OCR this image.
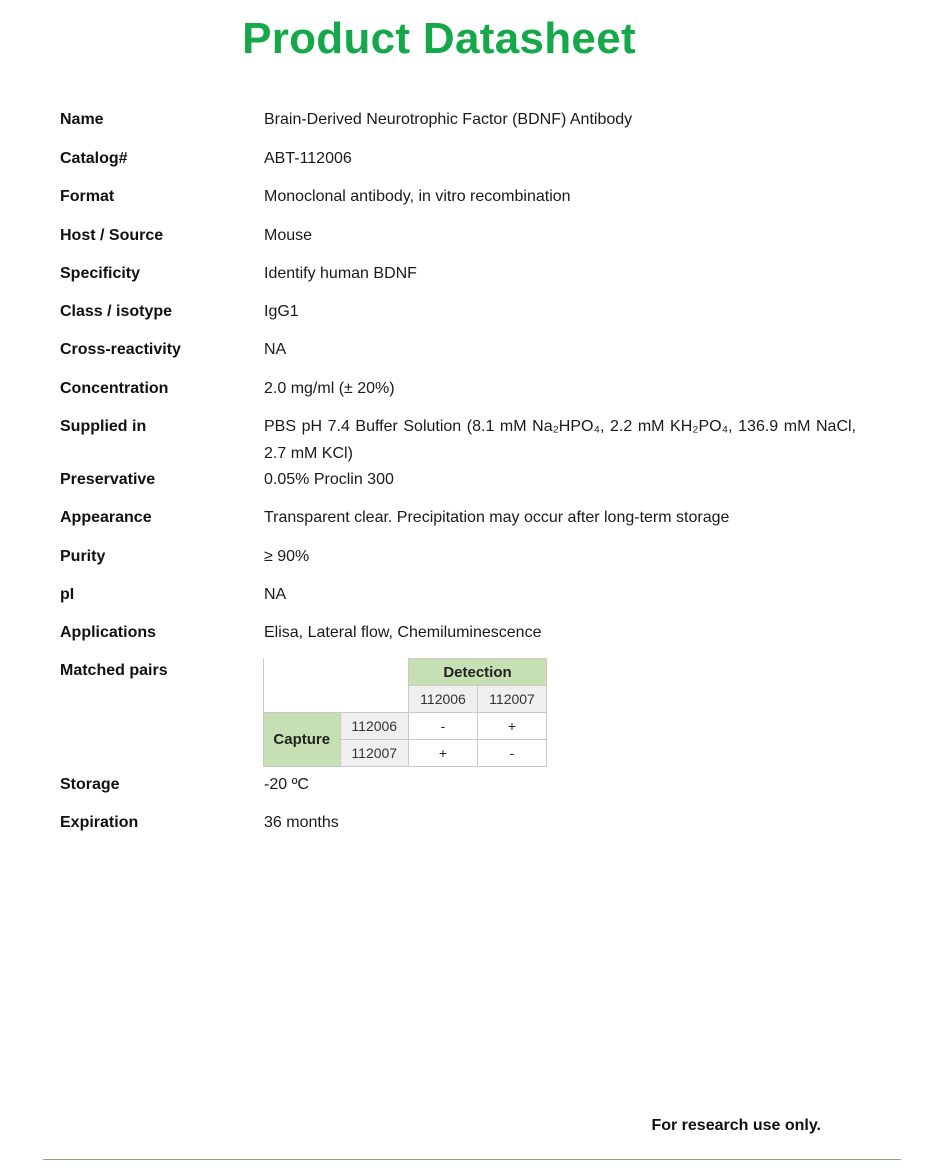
Product Datasheet
Name	Brain-Derived Neurotrophic Factor (BDNF) Antibody
Catalog#	ABT-112006
Format	Monoclonal antibody, in vitro recombination
Host / Source	Mouse
Specificity	Identify human BDNF
Class / isotype	IgG1
Cross-reactivity	NA
Concentration	2.0 mg/ml (± 20%)
Supplied in	PBS pH 7.4 Buffer Solution (8.1 mM Na₂HPO₄, 2.2 mM KH₂PO₄, 136.9 mM NaCl, 2.7 mM KCl)
Preservative	0.05% Proclin 300
Appearance	Transparent clear. Precipitation may occur after long-term storage
Purity	≥ 90%
pI	NA
Applications	Elisa, Lateral flow, Chemiluminescence
Matched pairs
		Detection	
		112006	112007
Capture	112006	-	+
	112007	+	-
Storage	-20 ºC
Expiration	36 months
For research use only.
